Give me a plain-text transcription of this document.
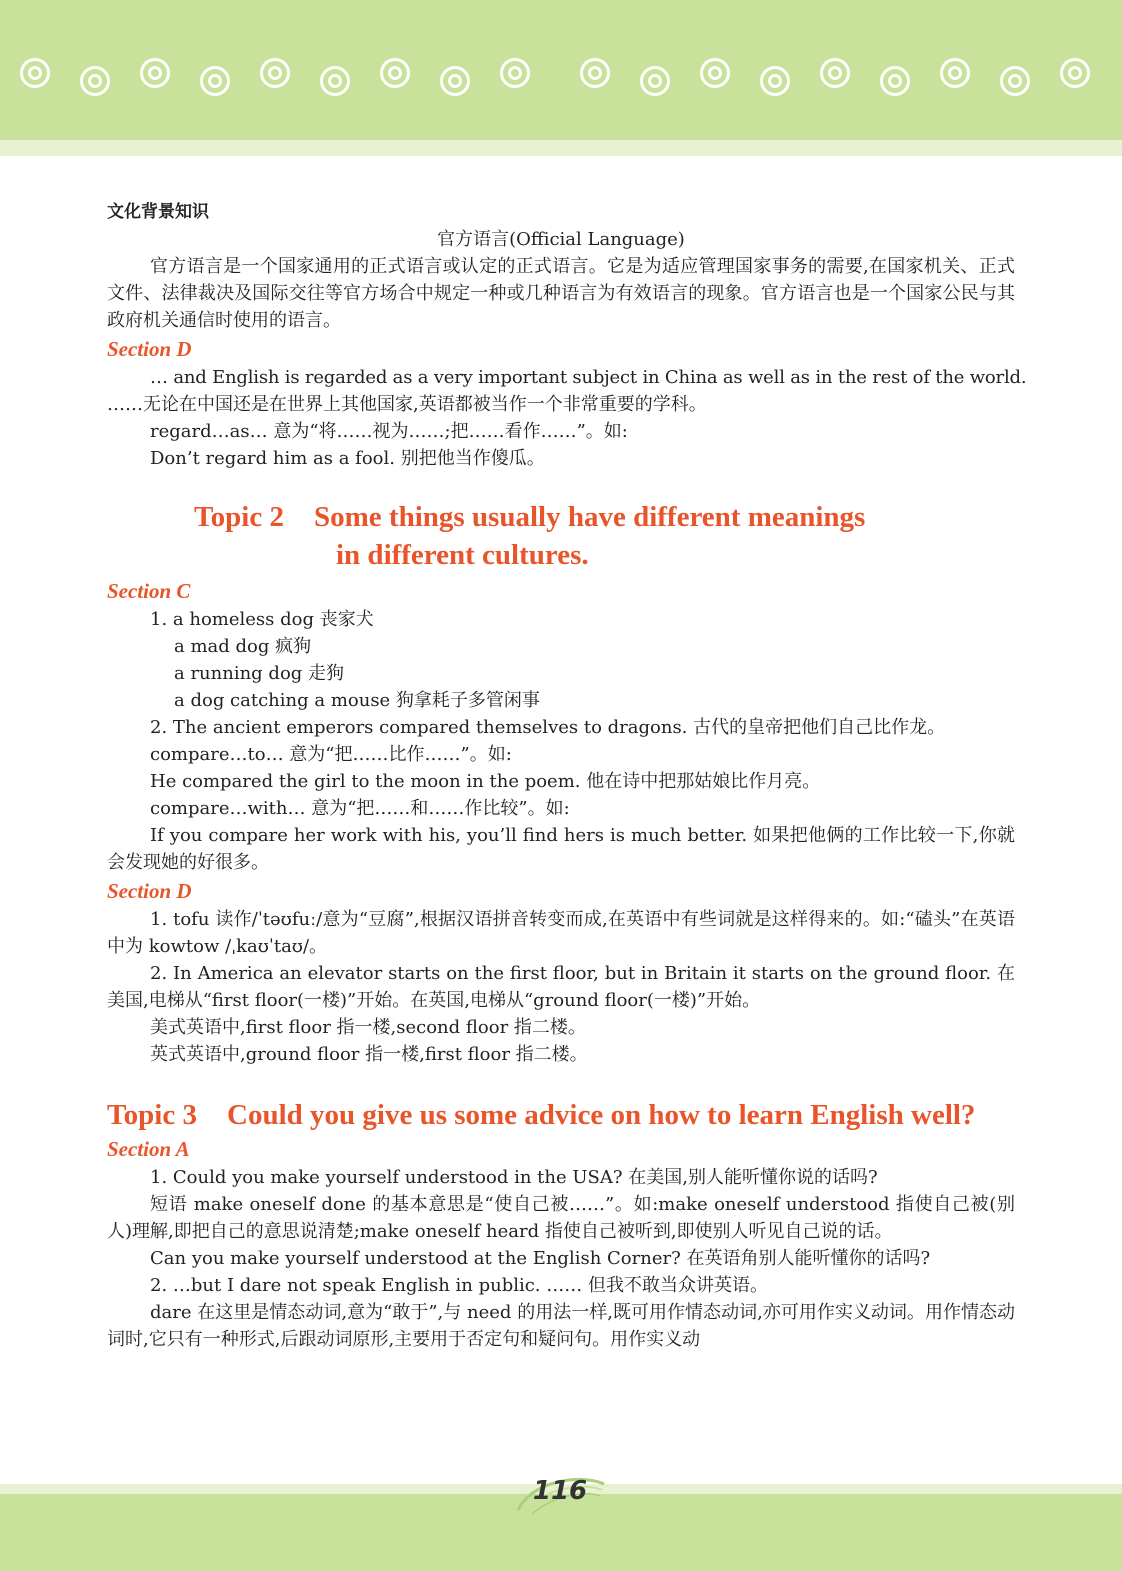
文化背景知识

官方语言(Official Language)

官方语言是一个国家通用的正式语言或认定的正式语言。它是为适应管理国家事务的需要,在国家机关、正式文件、法律裁决及国际交往等官方场合中规定一种或几种语言为有效语言的现象。官方语言也是一个国家公民与其政府机关通信时使用的语言。

Section D

… and English is regarded as a very important subject in China as well as in the rest of the world.

……无论在中国还是在世界上其他国家,英语都被当作一个非常重要的学科。

regard…as… 意为“将……视为……;把……看作……”。如:

Don’t regard him as a fool. 别把他当作傻瓜。

Topic 2 Some things usually have different meanings
in different cultures.

Section C

1. a homeless dog 丧家犬

a mad dog 疯狗

a running dog 走狗

a dog catching a mouse 狗拿耗子多管闲事

2. The ancient emperors compared themselves to dragons. 古代的皇帝把他们自己比作龙。

compare…to… 意为“把……比作……”。如:

He compared the girl to the moon in the poem. 他在诗中把那姑娘比作月亮。

compare…with… 意为“把……和……作比较”。如:

If you compare her work with his, you’ll find hers is much better. 如果把他俩的工作比较一下,你就会发现她的好很多。

Section D

1. tofu 读作/ˈtəʊfuː/意为“豆腐”,根据汉语拼音转变而成,在英语中有些词就是这样得来的。如:“磕头”在英语中为 kowtow /ˌkaʊˈtaʊ/。

2. In America an elevator starts on the first floor, but in Britain it starts on the ground floor. 在美国,电梯从“first floor(一楼)”开始。在英国,电梯从“ground floor(一楼)”开始。

美式英语中,first floor 指一楼,second floor 指二楼。

英式英语中,ground floor 指一楼,first floor 指二楼。

Topic 3 Could you give us some advice on how to learn English well?

Section A

1. Could you make yourself understood in the USA? 在美国,别人能听懂你说的话吗?

短语 make oneself done 的基本意思是“使自己被……”。如:make oneself understood 指使自己被(别人)理解,即把自己的意思说清楚;make oneself heard 指使自己被听到,即使别人听见自己说的话。

Can you make yourself understood at the English Corner? 在英语角别人能听懂你的话吗?

2. …but I dare not speak English in public. …… 但我不敢当众讲英语。

dare 在这里是情态动词,意为“敢于”,与 need 的用法一样,既可用作情态动词,亦可用作实义动词。用作情态动词时,它只有一种形式,后跟动词原形,主要用于否定句和疑问句。用作实义动

116
